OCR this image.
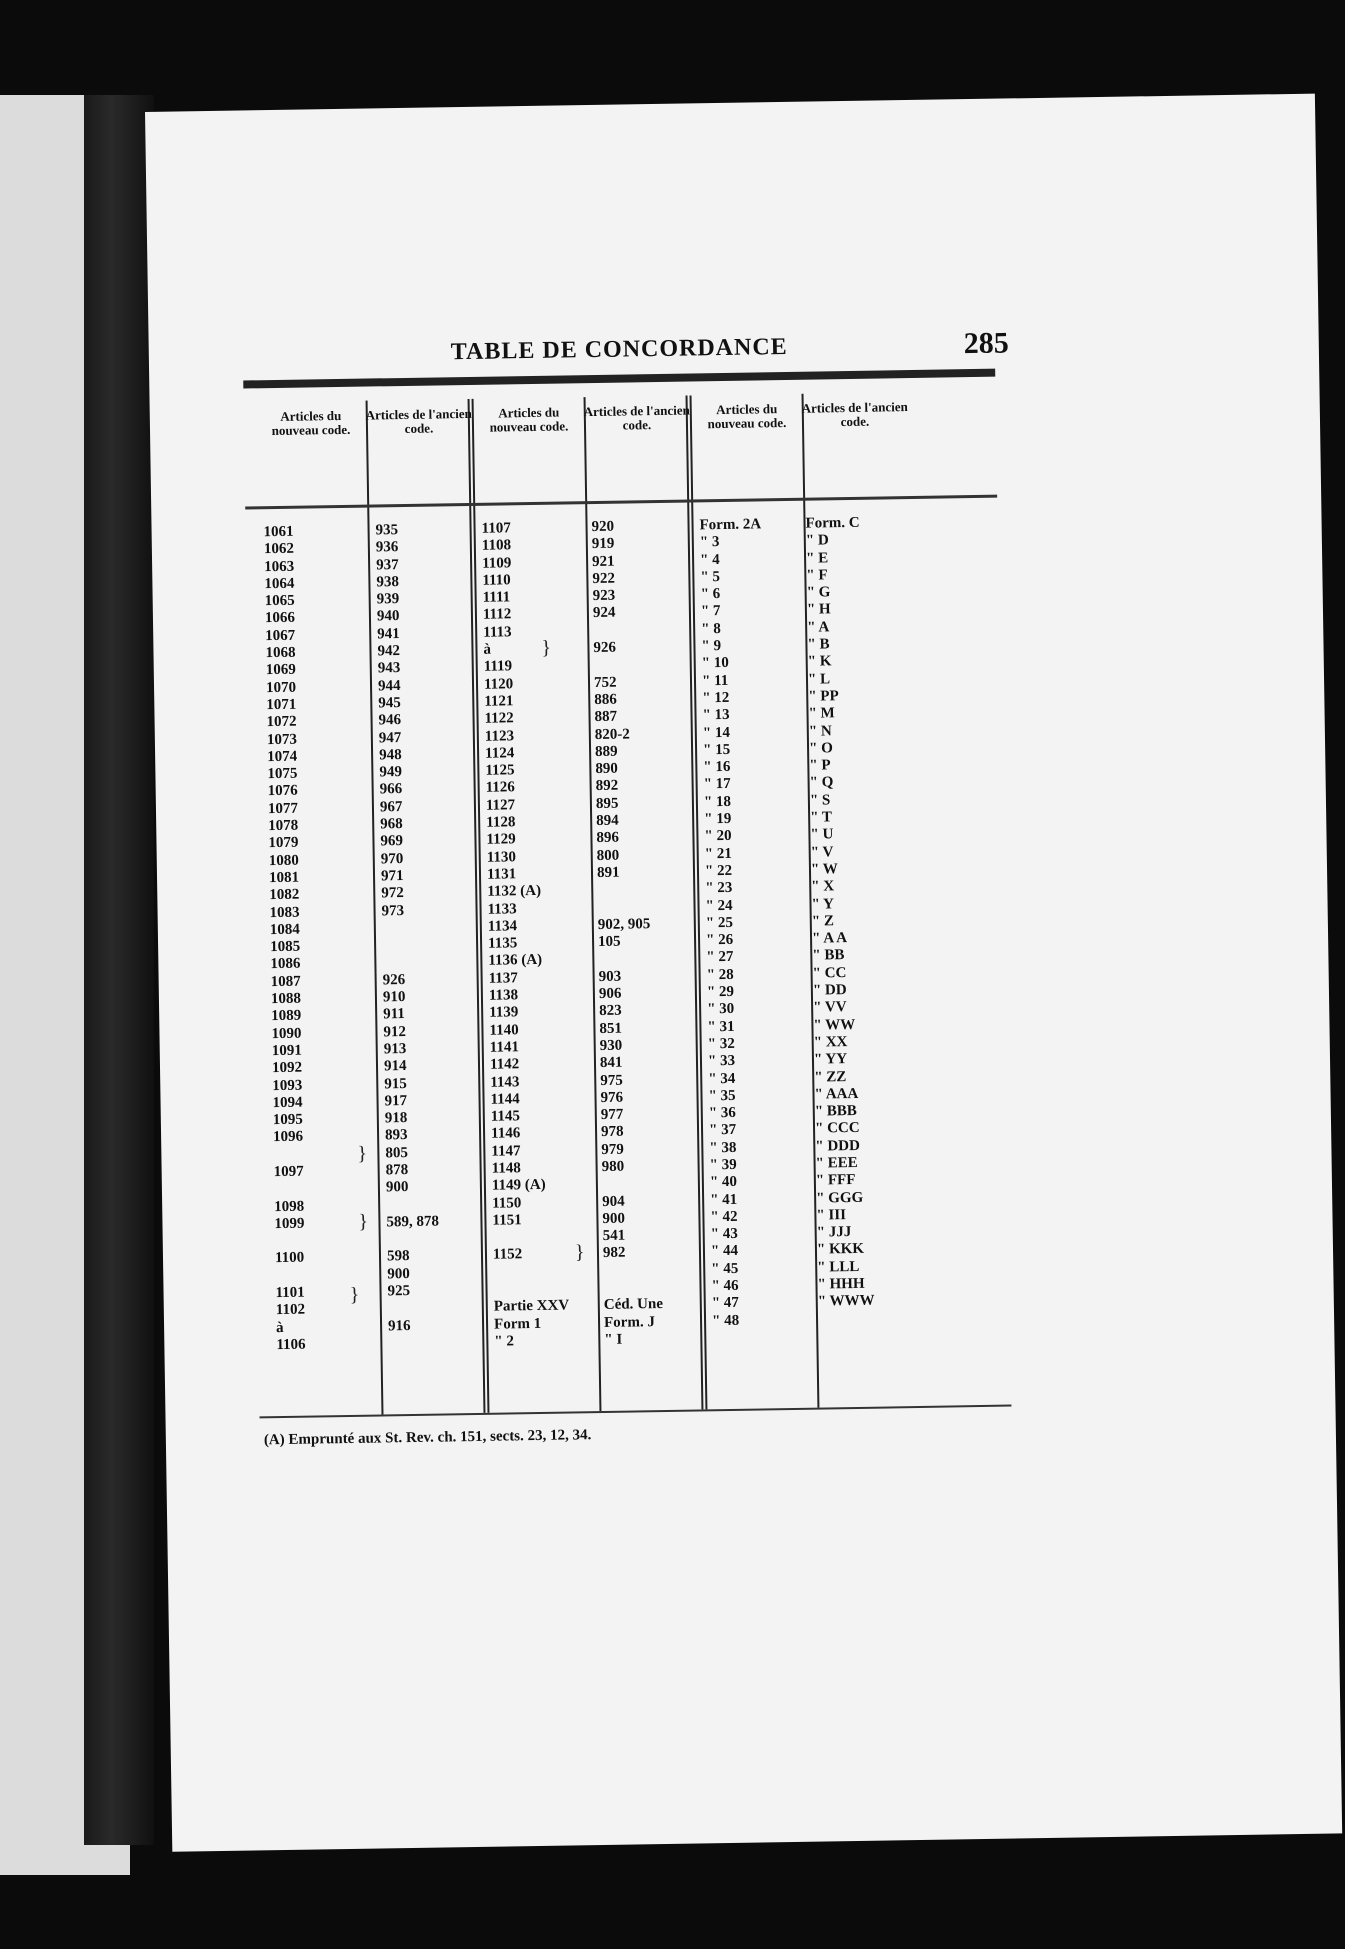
TABLE DE CONCORDANCE	285
Articles du nouveau code.
Articles de l'ancien code.
Articles du nouveau code.
Articles de l'ancien code.
Articles du nouveau code.
Articles de l'ancien code.
1061
1062
1063
1064
1065
1066
1067
1068
1069
1070
1071
1072
1073
1074
1075
1076
1077
1078
1079
1080
1081
1082
1083
1084
1085
1086
1087
1088
1089
1090
1091
1092
1093
1094
1095
1096
1097
1098
1099
1100
1101
1102
à
1106
935
936
937
938
939
940
941
942
943
944
945
946
947
948
949
966
967
968
969
970
971
972
973
926
910
911
912
913
914
915
917
918
893
805
878
900
589, 878
598
900
925
916
1107
1108
1109
1110
1111
1112
1113
à
1119
1120
1121
1122
1123
1124
1125
1126
1127
1128
1129
1130
1131
1132 (A)
1133
1134
1135
1136 (A)
1137
1138
1139
1140
1141
1142
1143
1144
1145
1146
1147
1148
1149 (A)
1150
1151
1152
Partie XXV
Form 1
" 2
920
919
921
922
923
924
926
752
886
887
820-2
889
890
892
895
894
896
800
891
902, 905
105
903
906
823
851
930
841
975
976
977
978
979
980
904
900
541
982
Céd. Une
Form. J
" I
Form. 2A
" 3
" 4
" 5
" 6
" 7
" 8
" 9
" 10
" 11
" 12
" 13
" 14
" 15
" 16
" 17
" 18
" 19
" 20
" 21
" 22
" 23
" 24
" 25
" 26
" 27
" 28
" 29
" 30
" 31
" 32
" 33
" 34
" 35
" 36
" 37
" 38
" 39
" 40
" 41
" 42
" 43
" 44
" 45
" 46
" 47
" 48
Form. C
" D
" E
" F
" G
" H
" A
" B
" K
" L
" PP
" M
" N
" O
" P
" Q
" S
" T
" U
" V
" W
" X
" Y
" Z
" A A
" BB
" CC
" DD
" VV
" WW
" XX
" YY
" ZZ
" AAA
" BBB
" CCC
" DDD
" EEE
" FFF
" GGG
" III
" JJJ
" KKK
" LLL
" HHH
" WWW
}
}
}
}
}
(A) Emprunté aux St. Rev. ch. 151, sects. 23, 12, 34.
